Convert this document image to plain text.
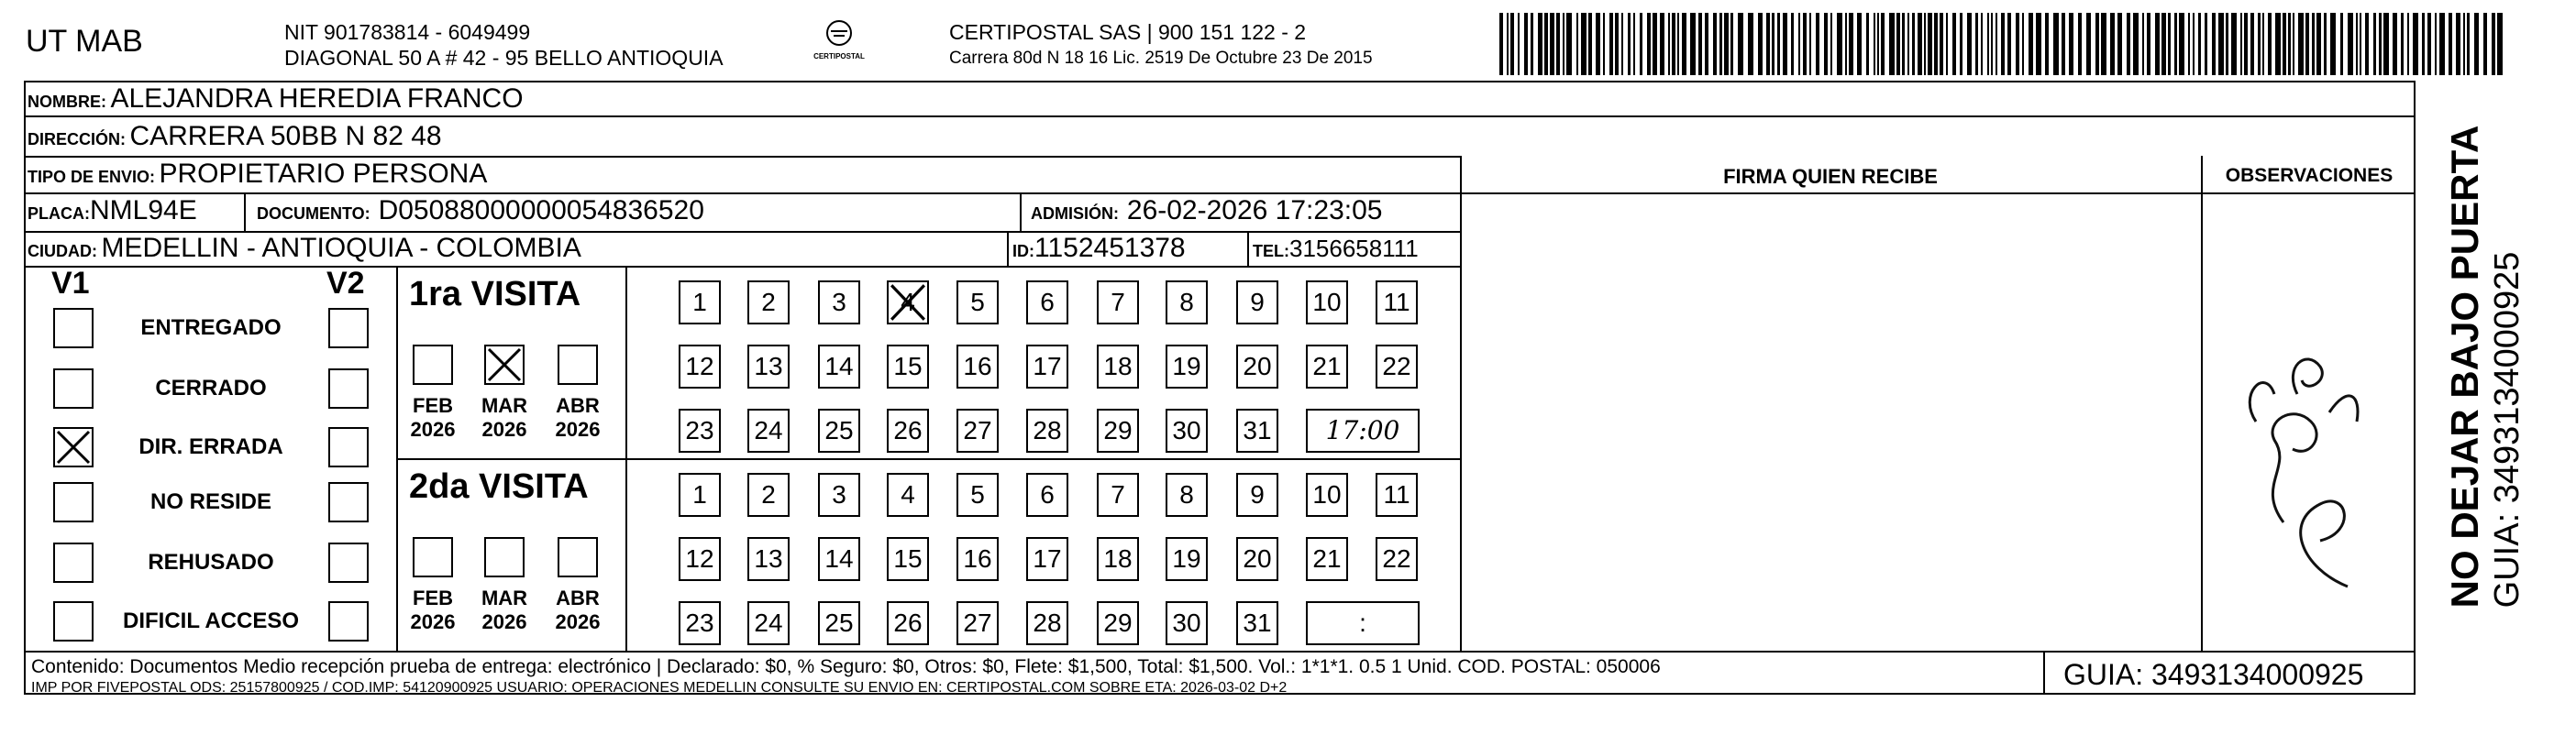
UT MAB	NIT 901783814 - 6049499
DIAGONAL 50 A # 42 - 95 BELLO ANTIOQUIA	CERTIPOSTAL
CERTIPOSTAL SAS | 900 151 122 - 2
Carrera 80d N 18 16 Lic. 2519 De Octubre 23 De 2015
NOMBRE:
ALEJANDRA HEREDIA FRANCO
DIRECCIÓN:
CARRERA 50BB N 82 48
TIPO DE ENVIO:
PROPIETARIO PERSONA
PLACA: NML94E	DOCUMENTO:
D05088000000054836520	ADMISIÓN:
26-02-2026 17:23:05
CIUDAD:
MEDELLIN - ANTIOQUIA - COLOMBIA	ID: 1152451378	TEL: 3156658111
FIRMA QUIEN RECIBE	OBSERVACIONES	NO DEJAR BAJO PUERTA GUIA: 3493134000925
V1	V2
ENTREGADO
CERRADO
DIR. ERRADA
NO RESIDE
REHUSADO
DIFICIL ACCESO
1ra VISITA
FEB
2026
MAR
2026
ABR
2026
1	2	3	4	5	6	7	8	9	10	11
12 13 14 15 16 17 18 19 20 21 22
23 24 25 26 27 28 29 30 31	17:00
2da VISITA
FEB
2026
MAR
2026
ABR
2026
1	2	3	4	5	6	7	8	9	10	11
12 13 14 15 16 17 18 19 20 21 22
23 24 25 26 27 28 29 30 31	:
Contenido: Documentos Medio recepción prueba de entrega: electrónico | Declarado: $0, % Seguro: $0, Otros: $0, Flete: $1,500, Total: $1,500. Vol.: 1*1*1. 0.5 1 Unid. COD. POSTAL: 050006
IMP POR FIVEPOSTAL ODS: 25157800925 / COD.IMP: 54120900925 USUARIO: OPERACIONES MEDELLIN CONSULTE SU ENVIO EN: CERTIPOSTAL.COM SOBRE ETA: 2026-03-02 D+2	GUIA: 3493134000925
